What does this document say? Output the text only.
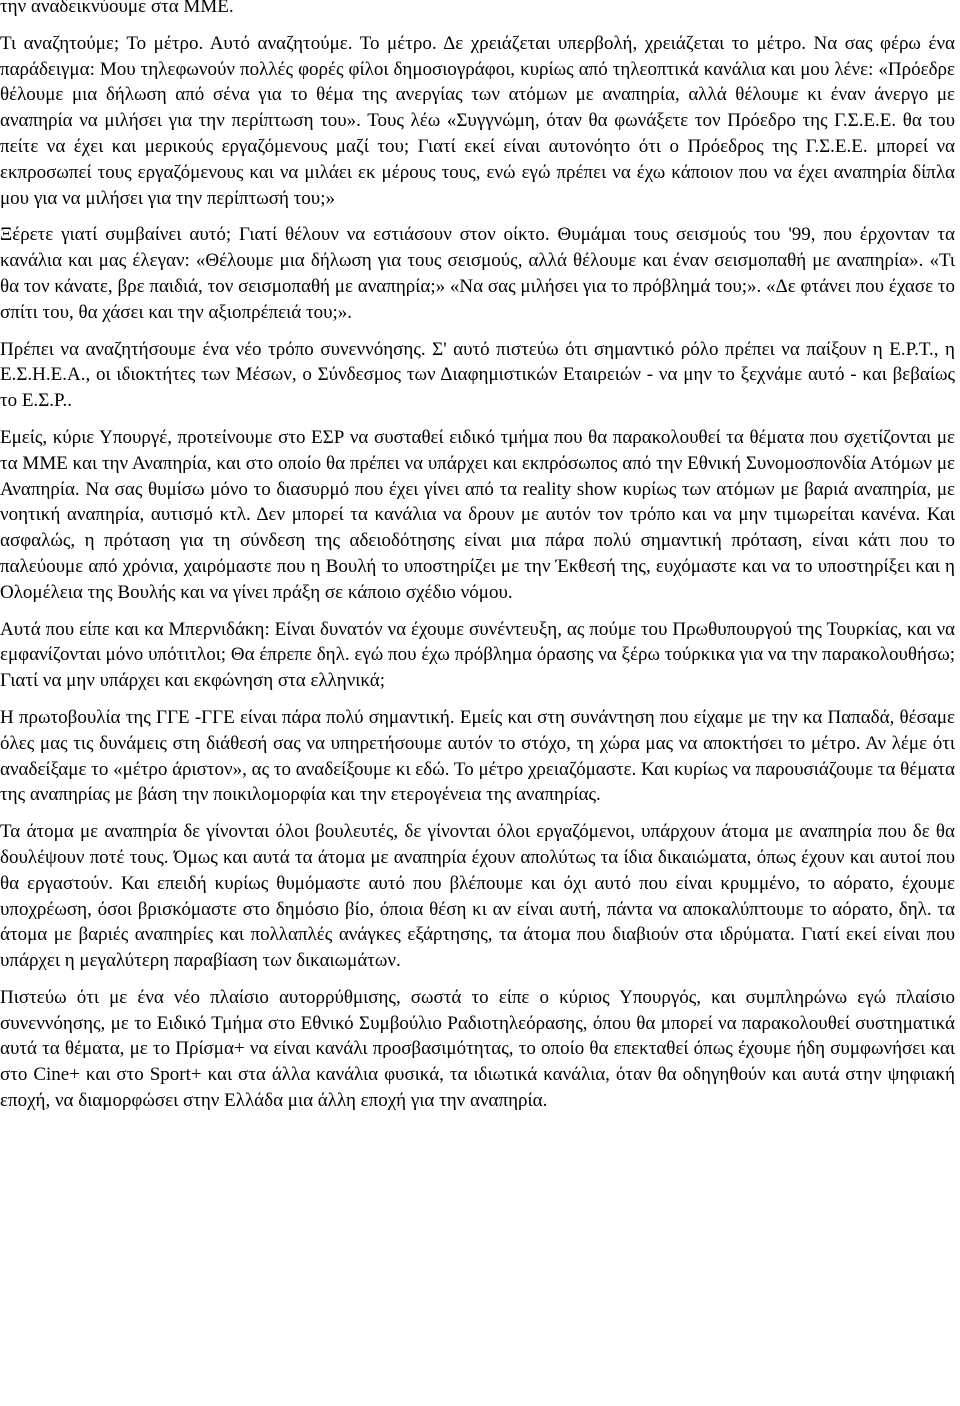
την αναδεικνύουμε στα ΜΜΕ.

Τι αναζητούμε; Το μέτρο. Αυτό αναζητούμε. Το μέτρο. Δε χρειάζεται υπερβολή, χρειάζεται το μέτρο. Να σας φέρω ένα παράδειγμα: Μου τηλεφωνούν πολλές φορές φίλοι δημοσιογράφοι, κυρίως από τηλεοπτικά κανάλια και μου λένε: «Πρόεδρε θέλουμε μια δήλωση από σένα για το θέμα της ανεργίας των ατόμων με αναπηρία, αλλά θέλουμε κι έναν άνεργο με αναπηρία να μιλήσει για την περίπτωση του». Τους λέω «Συγγνώμη, όταν θα φωνάξετε τον Πρόεδρο της Γ.Σ.Ε.Ε. θα του πείτε να έχει και μερικούς εργαζόμενους μαζί του; Γιατί εκεί είναι αυτονόητο ότι ο Πρόεδρος της Γ.Σ.Ε.Ε. μπορεί να εκπροσωπεί τους εργαζόμενους και να μιλάει εκ μέρους τους, ενώ εγώ πρέπει να έχω κάποιον που να έχει αναπηρία δίπλα μου για να μιλήσει για την περίπτωσή του;»

Ξέρετε γιατί συμβαίνει αυτό; Γιατί θέλουν να εστιάσουν στον οίκτο. Θυμάμαι τους σεισμούς του '99, που έρχονταν τα κανάλια και μας έλεγαν: «Θέλουμε μια δήλωση για τους σεισμούς, αλλά θέλουμε και έναν σεισμοπαθή με αναπηρία». «Τι θα τον κάνατε, βρε παιδιά, τον σεισμοπαθή με αναπηρία;» «Να σας μιλήσει για το πρόβλημά του;». «Δε φτάνει που έχασε το σπίτι του, θα χάσει και την αξιοπρέπειά του;».

Πρέπει να αναζητήσουμε ένα νέο τρόπο συνεννόησης. Σ' αυτό πιστεύω ότι σημαντικό ρόλο πρέπει να παίξουν η Ε.Ρ.Τ., η Ε.Σ.Η.Ε.Α., οι ιδιοκτήτες των Μέσων, ο Σύνδεσμος των Διαφημιστικών Εταιρειών - να μην το ξεχνάμε αυτό - και βεβαίως το Ε.Σ.Ρ..

Εμείς, κύριε Υπουργέ, προτείνουμε στο ΕΣΡ να συσταθεί ειδικό τμήμα που θα παρακολουθεί τα θέματα που σχετίζονται με τα ΜΜΕ και την Αναπηρία, και στο οποίο θα πρέπει να υπάρχει και εκπρόσωπος από την Εθνική Συνομοσπονδία Ατόμων με Αναπηρία. Να σας θυμίσω μόνο το διασυρμό που έχει γίνει από τα reality show κυρίως των ατόμων με βαριά αναπηρία, με νοητική αναπηρία, αυτισμό κτλ. Δεν μπορεί τα κανάλια να δρουν με αυτόν τον τρόπο και να μην τιμωρείται κανένα. Και ασφαλώς, η πρόταση για τη σύνδεση της αδειοδότησης είναι μια πάρα πολύ σημαντική πρόταση, είναι κάτι που το παλεύουμε από χρόνια, χαιρόμαστε που η Βουλή το υποστηρίζει με την Έκθεσή της, ευχόμαστε και να το υποστηρίξει και η Ολομέλεια της Βουλής και να γίνει πράξη σε κάποιο σχέδιο νόμου.

Αυτά που είπε και κα Μπερνιδάκη: Είναι δυνατόν να έχουμε συνέντευξη, ας πούμε του Πρωθυπουργού της Τουρκίας, και να εμφανίζονται μόνο υπότιτλοι; Θα έπρεπε δηλ. εγώ που έχω πρόβλημα όρασης να ξέρω τούρκικα για να την παρακολουθήσω; Γιατί να μην υπάρχει και εκφώνηση στα ελληνικά;

Η πρωτοβουλία της ΓΓΕ -ΓΓΕ είναι πάρα πολύ σημαντική. Εμείς και στη συνάντηση που είχαμε με την κα Παπαδά, θέσαμε όλες μας τις δυνάμεις στη διάθεσή σας να υπηρετήσουμε αυτόν το στόχο, τη χώρα μας να αποκτήσει το μέτρο. Αν λέμε ότι αναδείξαμε το «μέτρο άριστον», ας το αναδείξουμε κι εδώ. Το μέτρο χρειαζόμαστε. Και κυρίως να παρουσιάζουμε τα θέματα της αναπηρίας με βάση την ποικιλομορφία και την ετερογένεια της αναπηρίας.

Τα άτομα με αναπηρία δε γίνονται όλοι βουλευτές, δε γίνονται όλοι εργαζόμενοι, υπάρχουν άτομα με αναπηρία που δε θα δουλέψουν ποτέ τους. Όμως και αυτά τα άτομα με αναπηρία έχουν απολύτως τα ίδια δικαιώματα, όπως έχουν και αυτοί που θα εργαστούν. Και επειδή κυρίως θυμόμαστε αυτό που βλέπουμε και όχι αυτό που είναι κρυμμένο, το αόρατο, έχουμε υποχρέωση, όσοι βρισκόμαστε στο δημόσιο βίο, όποια θέση κι αν είναι αυτή, πάντα να αποκαλύπτουμε το αόρατο, δηλ. τα άτομα με βαριές αναπηρίες και πολλαπλές ανάγκες εξάρτησης, τα άτομα που διαβιούν στα ιδρύματα. Γιατί εκεί είναι που υπάρχει η μεγαλύτερη παραβίαση των δικαιωμάτων.

Πιστεύω ότι με ένα νέο πλαίσιο αυτορρύθμισης, σωστά το είπε ο κύριος Υπουργός, και συμπληρώνω εγώ πλαίσιο συνεννόησης, με το Ειδικό Τμήμα στο Εθνικό Συμβούλιο Ραδιοτηλεόρασης, όπου θα μπορεί να παρακολουθεί συστηματικά αυτά τα θέματα, με το Πρίσμα+ να είναι κανάλι προσβασιμότητας, το οποίο θα επεκταθεί όπως έχουμε ήδη συμφωνήσει και στο Cine+ και στο Sport+ και στα άλλα κανάλια φυσικά, τα ιδιωτικά κανάλια, όταν θα οδηγηθούν και αυτά στην ψηφιακή εποχή, να διαμορφώσει στην Ελλάδα μια άλλη εποχή για την αναπηρία.
